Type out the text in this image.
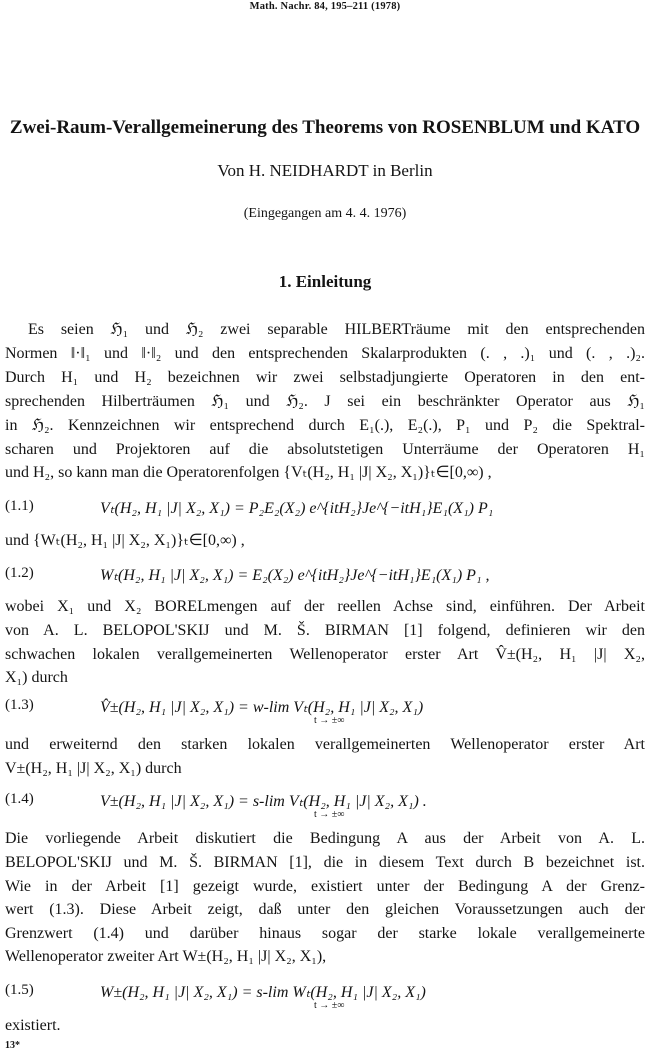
Math. Nachr. 84, 195–211 (1978)
Zwei-Raum-Verallgemeinerung des Theorems von ROSENBLUM und KATO
Von H. NEIDHARDT in Berlin
(Eingegangen am 4. 4. 1976)
1. Einleitung
Es seien ℌ₁ und ℌ₂ zwei separable HILBERTräume mit den entsprechenden
Normen ‖·‖₁ und ‖·‖₂ und den entsprechenden Skalarprodukten (. , .)₁ und (. , .)₂.
Durch H₁ und H₂ bezeichnen wir zwei selbstadjungierte Operatoren in den ent-
sprechenden Hilberträumen ℌ₁ und ℌ₂. J sei ein beschränkter Operator aus ℌ₁
in ℌ₂. Kennzeichnen wir entsprechend durch E₁(.), E₂(.), P₁ und P₂ die Spektral-
scharen und Projektoren auf die absolutstetigen Unterräume der Operatoren H₁
und H₂, so kann man die Operatorenfolgen {Vₜ(H₂, H₁ |J| X₂, X₁)}ₜ∈[0,∞) ,
(1.1)	Vₜ(H₂, H₁ |J| X₂, X₁) = P₂E₂(X₂) e^{itH₂}Je^{−itH₁}E₁(X₁) P₁
und {Wₜ(H₂, H₁ |J| X₂, X₁)}ₜ∈[0,∞) ,
(1.2)	Wₜ(H₂, H₁ |J| X₂, X₁) = E₂(X₂) e^{itH₂}Je^{−itH₁}E₁(X₁) P₁ ,
wobei X₁ und X₂ BORELmengen auf der reellen Achse sind, einführen. Der Arbeit
von A. L. BELOPOL'SKIJ und M. Š. BIRMAN [1] folgend, definieren wir den
schwachen lokalen verallgemeinerten Wellenoperator erster Art V̂±(H₂, H₁ |J| X₂,
X₁) durch
(1.3)	V̂±(H₂, H₁ |J| X₂, X₁) = w-lim Vₜ(H₂, H₁ |J| X₂, X₁)
t → ±∞
und erweiternd den starken lokalen verallgemeinerten Wellenoperator erster Art
V±(H₂, H₁ |J| X₂, X₁) durch
(1.4)	V±(H₂, H₁ |J| X₂, X₁) = s-lim Vₜ(H₂, H₁ |J| X₂, X₁) .
t → ±∞
Die vorliegende Arbeit diskutiert die Bedingung A aus der Arbeit von A. L.
BELOPOL'SKIJ und M. Š. BIRMAN [1], die in diesem Text durch B bezeichnet ist.
Wie in der Arbeit [1] gezeigt wurde, existiert unter der Bedingung A der Grenz-
wert (1.3). Diese Arbeit zeigt, daß unter den gleichen Voraussetzungen auch der
Grenzwert (1.4) und darüber hinaus sogar der starke lokale verallgemeinerte
Wellenoperator zweiter Art W±(H₂, H₁ |J| X₂, X₁),
(1.5)	W±(H₂, H₁ |J| X₂, X₁) = s-lim Wₜ(H₂, H₁ |J| X₂, X₁)
t → ±∞
existiert.
13*
